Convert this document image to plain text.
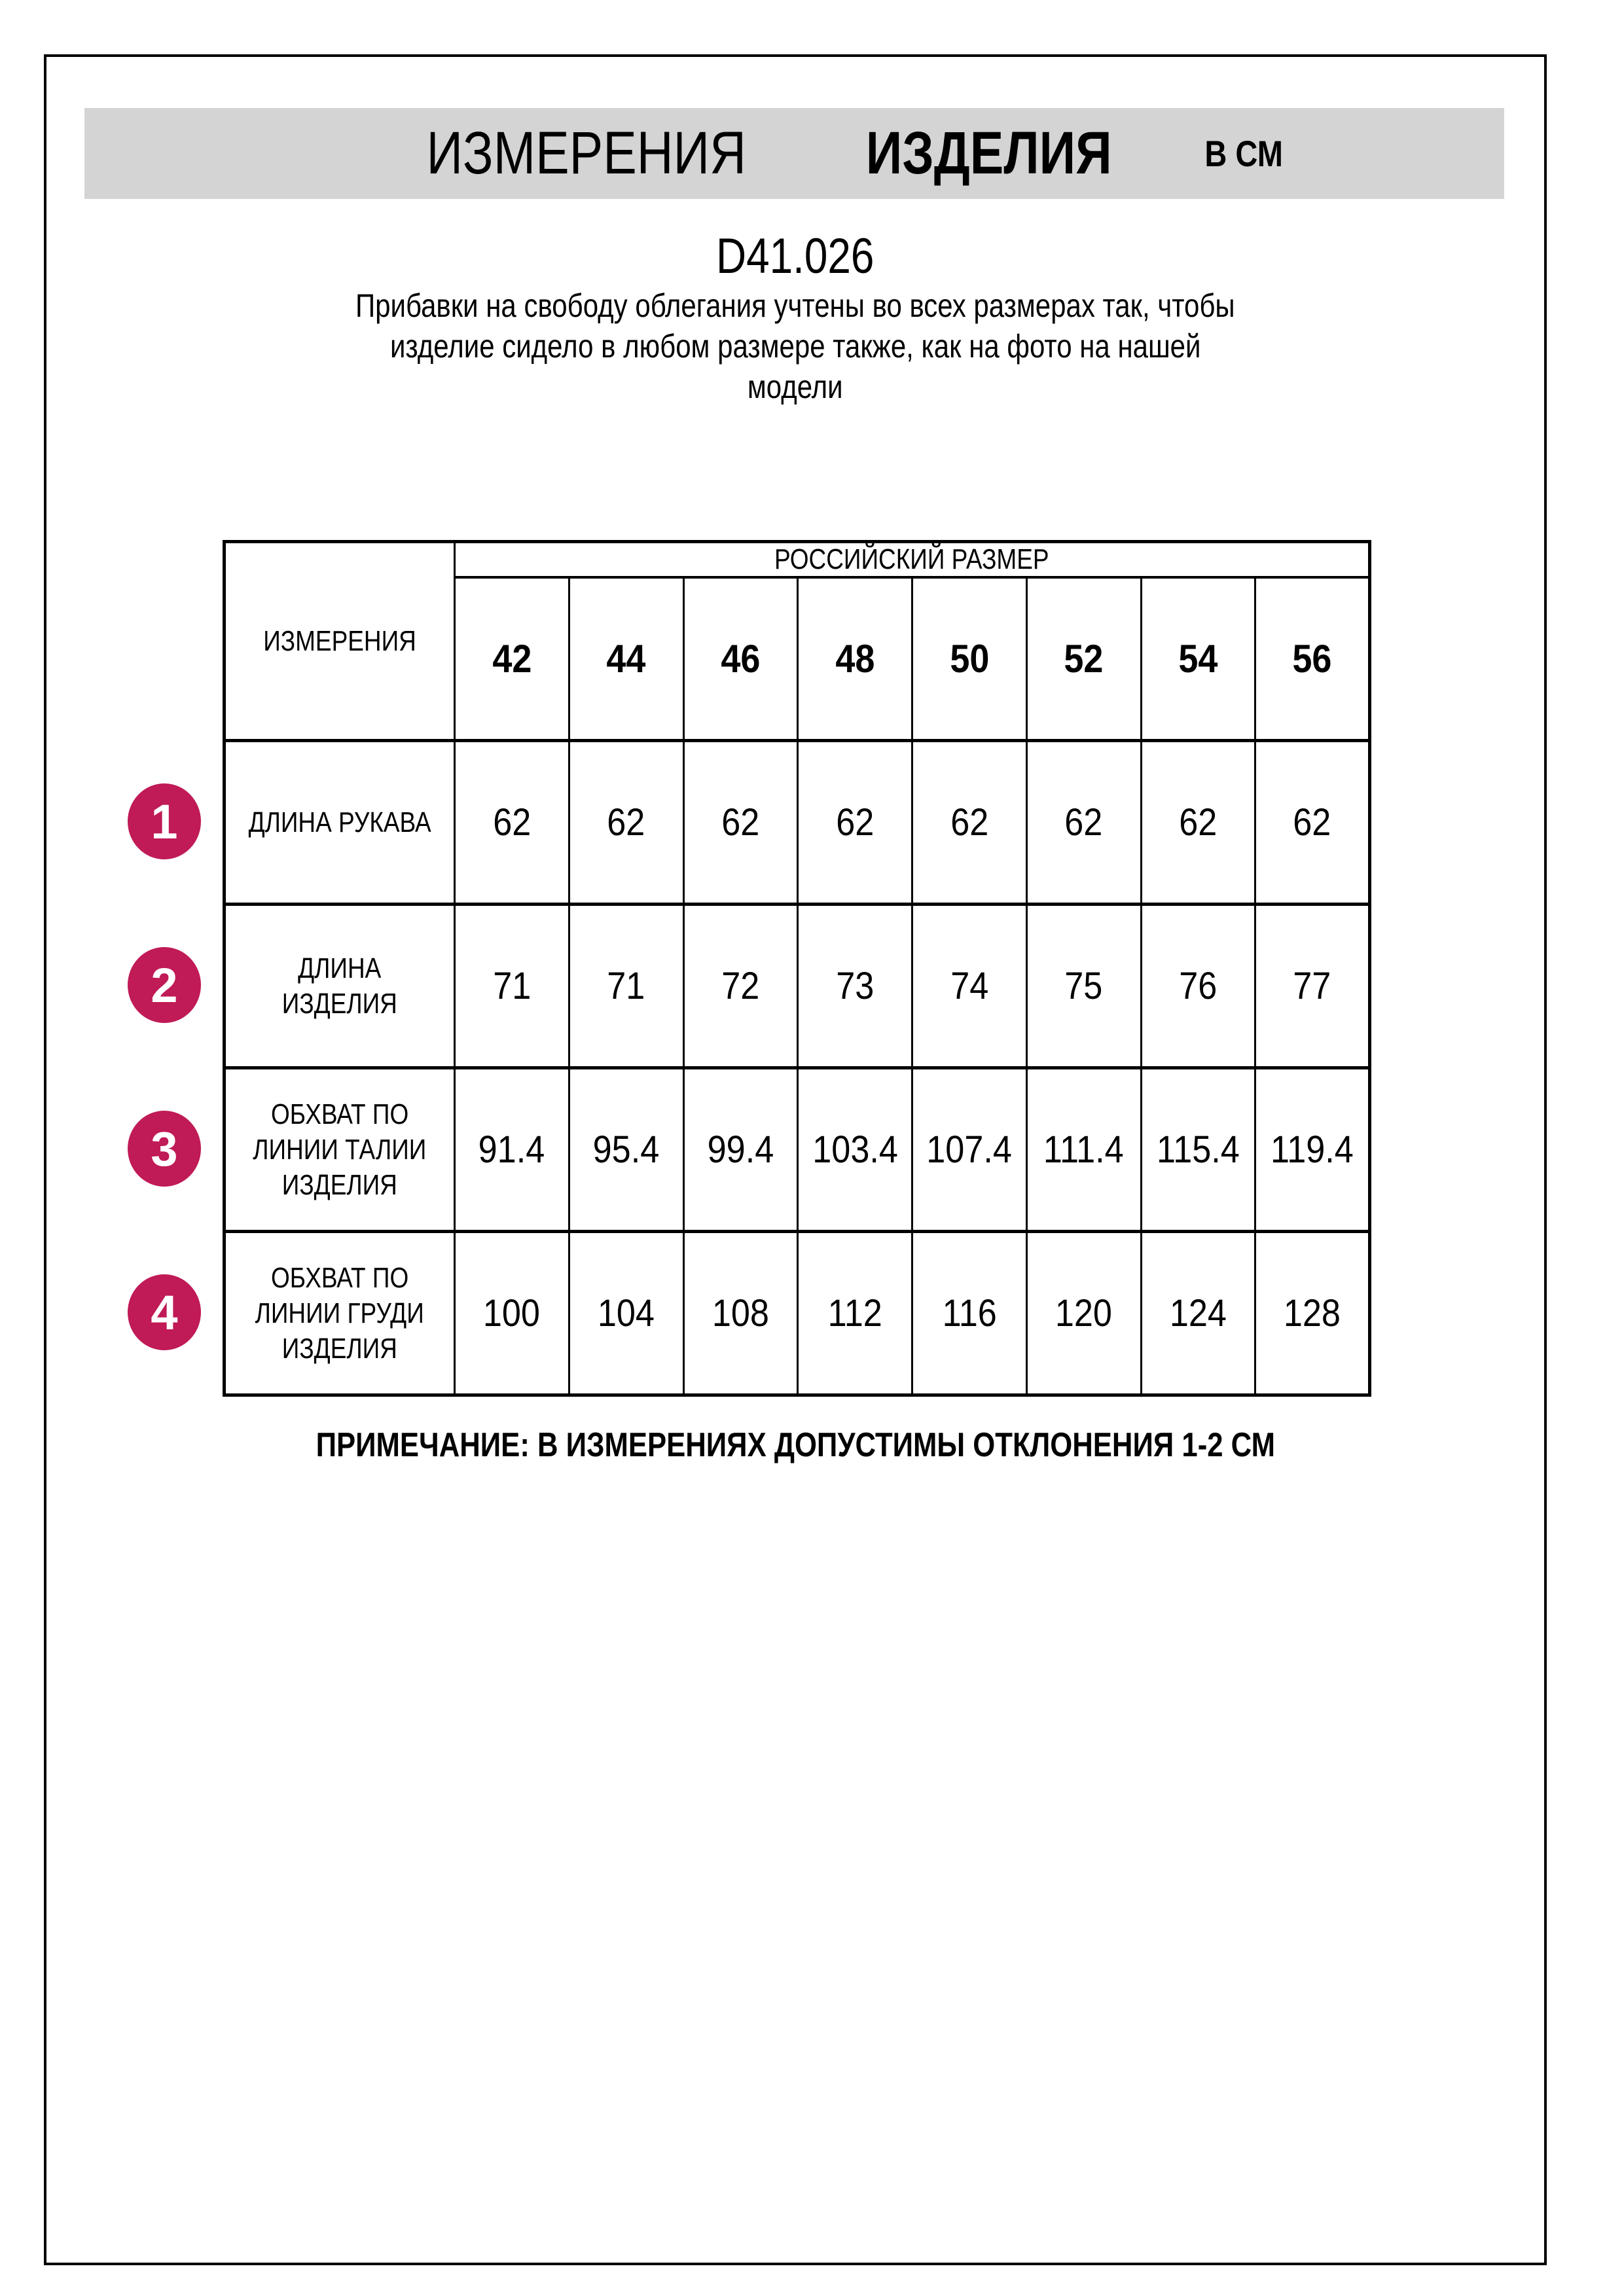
ИЗМЕРЕНИЯ ИЗДЕЛИЯ	В СМ
D41.026
Прибавки на свободу облегания учтены во всех размерах так, чтобы
изделие сидело в любом размере также, как на фото на нашей
модели
ИЗМЕРЕНИЯ	РОССИЙСКИЙ РАЗМЕР							
	42	44	46	48	50	52	54	56

ДЛИНА РУКАВА	62	62	62	62	62	62	62	62

ДЛИНА
ИЗДЕЛИЯ	71	71	72	73	74	75	76	77

ОБХВАТ ПО
ЛИНИИ ТАЛИИ
ИЗДЕЛИЯ	91.4	95.4	99.4	103.4	107.4	111.4	115.4	119.4

ОБХВАТ ПО
ЛИНИИ ГРУДИ
ИЗДЕЛИЯ	100	104	108	112	116	120	124	128
ПРИМЕЧАНИЕ: В ИЗМЕРЕНИЯХ ДОПУСТИМЫ ОТКЛОНЕНИЯ 1-2 СМ
1
2
3
4
